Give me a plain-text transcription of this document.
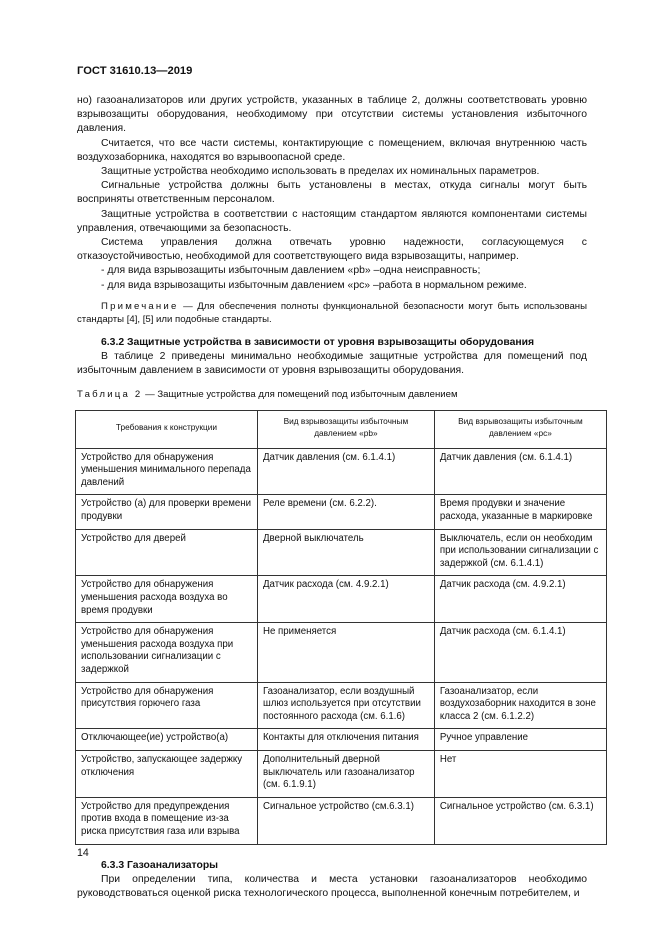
ГОСТ 31610.13—2019

но) газоанализаторов или других устройств, указанных в таблице 2, должны соответствовать уровню взрывозащиты оборудования, необходимому при отсутствии системы установления избыточного давления.

Считается, что все части системы, контактирующие с помещением, включая внутреннюю часть воздухозаборника, находятся во взрывоопасной среде.

Защитные устройства необходимо использовать в пределах их номинальных параметров.

Сигнальные устройства должны быть установлены в местах, откуда сигналы могут быть восприняты ответственным персоналом.

Защитные устройства в соответствии с настоящим стандартом являются компонентами системы управления, отвечающими за безопасность.

Система управления должна отвечать уровню надежности, согласующемуся с отказоустойчивостью, необходимой для соответствующего вида взрывозащиты, например.

- для вида взрывозащиты избыточным давлением «pb» –одна неисправность;

- для вида взрывозащиты избыточным давлением «pc» –работа в нормальном режиме.

Примечание — Для обеспечения полноты функциональной безопасности могут быть использованы стандарты [4], [5] или подобные стандарты.

6.3.2 Защитные устройства в зависимости от уровня взрывозащиты оборудования

В таблице 2 приведены минимально необходимые защитные устройства для помещений под избыточным давлением в зависимости от уровня взрывозащиты оборудования.

Таблица 2 — Защитные устройства для помещений под избыточным давлением

Требования к конструкции	Вид взрывозащиты избыточным давлением «pb»	Вид взрывозащиты избыточным давлением «pc»
Устройство для обнаружения уменьшения минимального перепада давлений	Датчик давления (см. 6.1.4.1)	Датчик давления (см. 6.1.4.1)
Устройство (а) для проверки времени продувки	Реле времени (см. 6.2.2).	Время продувки и значение расхода, указанные в маркировке
Устройство для дверей	Дверной выключатель	Выключатель, если он необходим при использовании сигнализации с задержкой (см. 6.1.4.1)
Устройство для обнаружения уменьшения расхода воздуха во время продувки	Датчик расхода (см. 4.9.2.1)	Датчик расхода (см. 4.9.2.1)
Устройство для обнаружения уменьшения расхода воздуха при использовании сигнализации с задержкой	Не применяется	Датчик расхода (см. 6.1.4.1)
Устройство для обнаружения присутствия горючего газа	Газоанализатор, если воздушный шлюз используется при отсутствии постоянного расхода (см. 6.1.6)	Газоанализатор, если воздухозаборник находится в зоне класса 2 (см. 6.1.2.2)
Отключающее(ие) устройство(а)	Контакты для отключения питания	Ручное управление
Устройство, запускающее задержку отключения	Дополнительный дверной выключатель или газоанализатор (см. 6.1.9.1)	Нет
Устройство для предупреждения против входа в помещение из-за риска присутствия газа или взрыва	Сигнальное устройство (см.6.3.1)	Сигнальное устройство (см. 6.3.1)

6.3.3 Газоанализаторы

При определении типа, количества и места установки газоанализаторов необходимо руководствоваться оценкой риска технологического процесса, выполненной конечным потребителем, и

14
